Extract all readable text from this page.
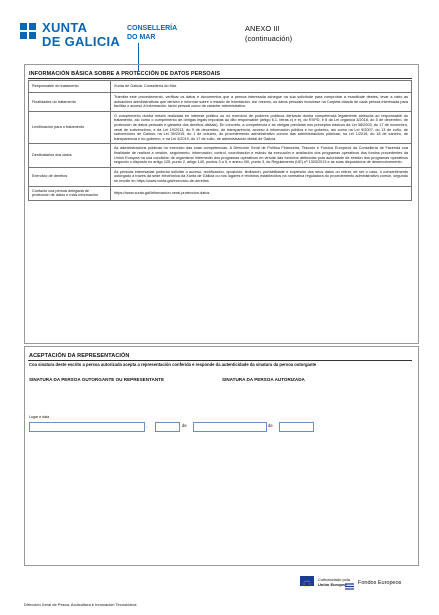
XUNTA
DE GALICIA
CONSELLERÍA
DO MAR
ANEXO III
(continuación)
INFORMACIÓN BÁSICA SOBRE A PROTECCIÓN DE DATOS PERSOAIS
Responsable do tratamento	Xunta de Galicia. Consellería do Mar.
Finalidades do tratamento	Tramitar este procedemento, verificar os datos e documentos que a persoa interesada achegue na súa solicitude para comprobar a exactitude destes, levar a cabo as actuacións administrativas que deriven e informar sobre o estado de tramitación. Así mesmo, os datos persoais incluirase na Carpeta cidadá de cada persoa interesada para facilitar o acceso á información, tanto persoal como de carácter administrativo.
Lexitimación para o tratamento	O cumprimento dunha misión realizada en interese público ou no exercicio de poderes públicos derivada dunha competencia legalmente atribuída ao responsable do tratamento, así como o cumprimento de obrigas legais impostas ao dito responsable (artigo 6.1, letras c) e e), do RXPD, e 8 da Lei orgánica 3/2018, do 5 de decembro, de protección de datos persoais e garantía dos dereitos dixitais). En concreto, a competencia e as obrigas previstas nos preceptos básicos da Lei 38/2003, do 17 de novembro, xeral de subvencións, e da Lei 19/2013, do 9 de decembro, de transparencia, acceso á información pública e bo goberno, así como na Lei 9/2007, do 13 de xuño, de subvencións de Galicia; na Lei 39/2015, do 1 de outubro, do procedemento administrativo común das administracións públicas; na Lei 1/2016, do 18 de xaneiro, de transparencia e bo goberno, e na Lei 4/2019, do 17 de xullo, de administración dixital de Galicia.
Destinatarios dos datos	As administracións públicas no exercicio das súas competencias. A Dirección Xeral de Política Financeira, Tesouro e Fondos Europeos da Consellería de Facenda coa finalidade de realizar a xestión, seguimento, información, control, coordinación e estudo da execución e avaliación dos programas operativos dos fondos procedentes da Unión Europea na súa condición de organismo intermedio dos programas operativos en virtude das funcións atribuídas pola autoridade de xestión dos programas operativos segundo o disposto no artigo 125, punto 2, artigo 140, puntos 3 a 5, e anexo XIII, punto 3, do Regulamento (UE) nº 1303/2013 e as súas disposicións de desenvolvemento.
Exercicio de dereitos	As persoas interesadas poderán solicitar o acceso, rectificación, oposición, limitación, portabilidade e supresión dos seus datos ou retirar, de ser o caso, o consentimento outorgado a través da sede electrónica da Xunta de Galicia ou nos lugares e rexistros establecidos na normativa reguladora do procedemento administrativo común, segundo se recolle en https://www.xunta.gal/exercicio-de-dereitos
Contacto coa persoa delegada de protección de datos e máis información	https://www.xunta.gal/informacion-xeral-proteccion-datos
ACEPTACIÓN DA REPRESENTACIÓN
Coa sinatura deste escrito a persoa autorizada acepta a representación conferida e responde da autenticidade da sinatura da persoa outorgante
SINATURA DA PERSOA OUTORGANTE OU REPRESENTANTE	SINATURA DA PERSOA AUTORIZADA
Lugar e data
,	de	de
Cofinanciado pola
Unión Europea	Fondos Europeos
Dirección Xeral de Pesca, Acuicultura e Innovación Tecnolóxica
